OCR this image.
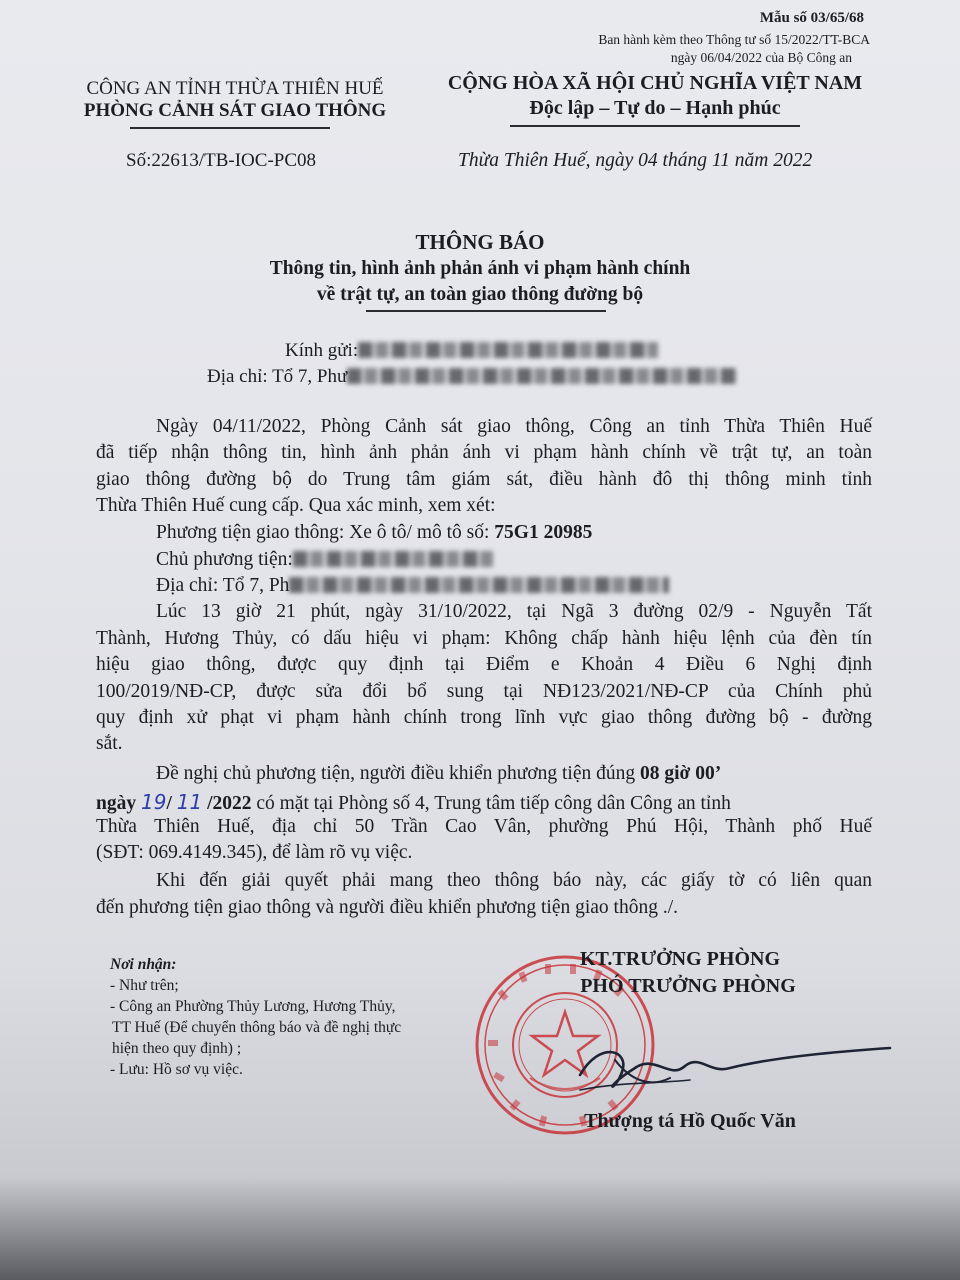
Mẫu số 03/65/68
Ban hành kèm theo Thông tư số 15/2022/TT-BCA
ngày 06/04/2022 của Bộ Công an
CÔNG AN TỈNH THỪA THIÊN HUẾ
PHÒNG CẢNH SÁT GIAO THÔNG
Số:22613/TB-IOC-PC08
CỘNG HÒA XÃ HỘI CHỦ NGHĨA VIỆT NAM
Độc lập – Tự do – Hạnh phúc
Thừa Thiên Huế, ngày 04 tháng 11 năm 2022
THÔNG BÁO
Thông tin, hình ảnh phản ánh vi phạm hành chính
về trật tự, an toàn giao thông đường bộ
Kính gửi:
Địa chỉ: Tổ 7, Phư
Ngày 04/11/2022, Phòng Cảnh sát giao thông, Công an tỉnh Thừa Thiên Huế
đã tiếp nhận thông tin, hình ảnh phản ánh vi phạm hành chính về trật tự, an toàn
giao thông đường bộ do Trung tâm giám sát, điều hành đô thị thông minh tỉnh
Thừa Thiên Huế cung cấp. Qua xác minh, xem xét:
Phương tiện giao thông: Xe ô tô/ mô tô số: 75G1 20985
Chủ phương tiện:
Địa chỉ: Tổ 7, Ph
Lúc 13 giờ 21 phút, ngày 31/10/2022, tại Ngã 3 đường 02/9 - Nguyễn Tất
Thành, Hương Thủy, có dấu hiệu vi phạm: Không chấp hành hiệu lệnh của đèn tín
hiệu giao thông, được quy định tại Điểm e Khoản 4 Điều 6 Nghị định
100/2019/NĐ-CP, được sửa đổi bổ sung tại NĐ123/2021/NĐ-CP của Chính phủ
quy định xử phạt vi phạm hành chính trong lĩnh vực giao thông đường bộ - đường
sắt.
Đề nghị chủ phương tiện, người điều khiển phương tiện đúng 08 giờ 00’
ngày 19/ 11 /2022 có mặt tại Phòng số 4, Trung tâm tiếp công dân Công an tỉnh
Thừa Thiên Huế, địa chỉ 50 Trần Cao Vân, phường Phú Hội, Thành phố Huế
(SĐT: 069.4149.345), để làm rõ vụ việc.
Khi đến giải quyết phải mang theo thông báo này, các giấy tờ có liên quan
đến phương tiện giao thông và người điều khiển phương tiện giao thông ./.
Nơi nhận:
- Như trên;
- Công an Phường Thủy Lương, Hương Thủy,
TT Huế (Để chuyển thông báo và đề nghị thực
hiện theo quy định) ;
- Lưu: Hồ sơ vụ việc.
KT.TRƯỞNG PHÒNG
PHÓ TRƯỞNG PHÒNG
Thượng tá Hồ Quốc Văn
